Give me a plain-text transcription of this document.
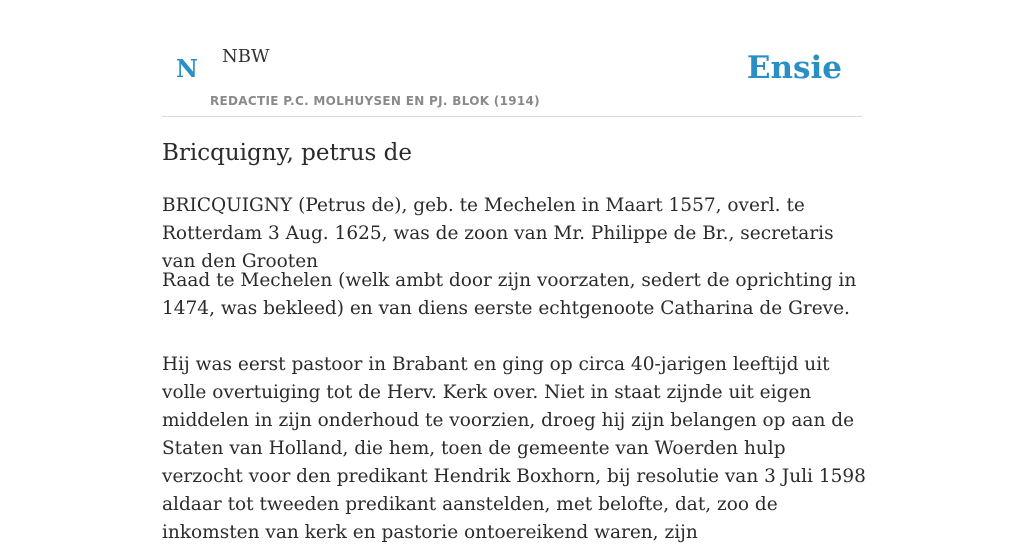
N NBW
REDACTIE P.C. MOLHUYSEN EN PJ. BLOK (1914)
Ensie
Bricquigny, petrus de

BRICQUIGNY (Petrus de), geb. te Mechelen in Maart 1557, overl. te Rotterdam 3 Aug. 1625, was de zoon van Mr. Philippe de Br., secretaris van den Grooten

Raad te Mechelen (welk ambt door zijn voorzaten, sedert de oprichting in 1474, was bekleed) en van diens eerste echtgenoote Catharina de Greve.

Hij was eerst pastoor in Brabant en ging op circa 40-jarigen leeftijd uit volle overtuiging tot de Herv. Kerk over. Niet in staat zijnde uit eigen middelen in zijn onderhoud te voorzien, droeg hij zijn belangen op aan de Staten van Holland, die hem, toen de gemeente van Woerden hulp verzocht voor den predikant Hendrik Boxhorn, bij resolutie van 3 Juli 1598 aldaar tot tweeden predikant aanstelden, met belofte, dat, zoo de inkomsten van kerk en pastorie ontoereikend waren, zijn
